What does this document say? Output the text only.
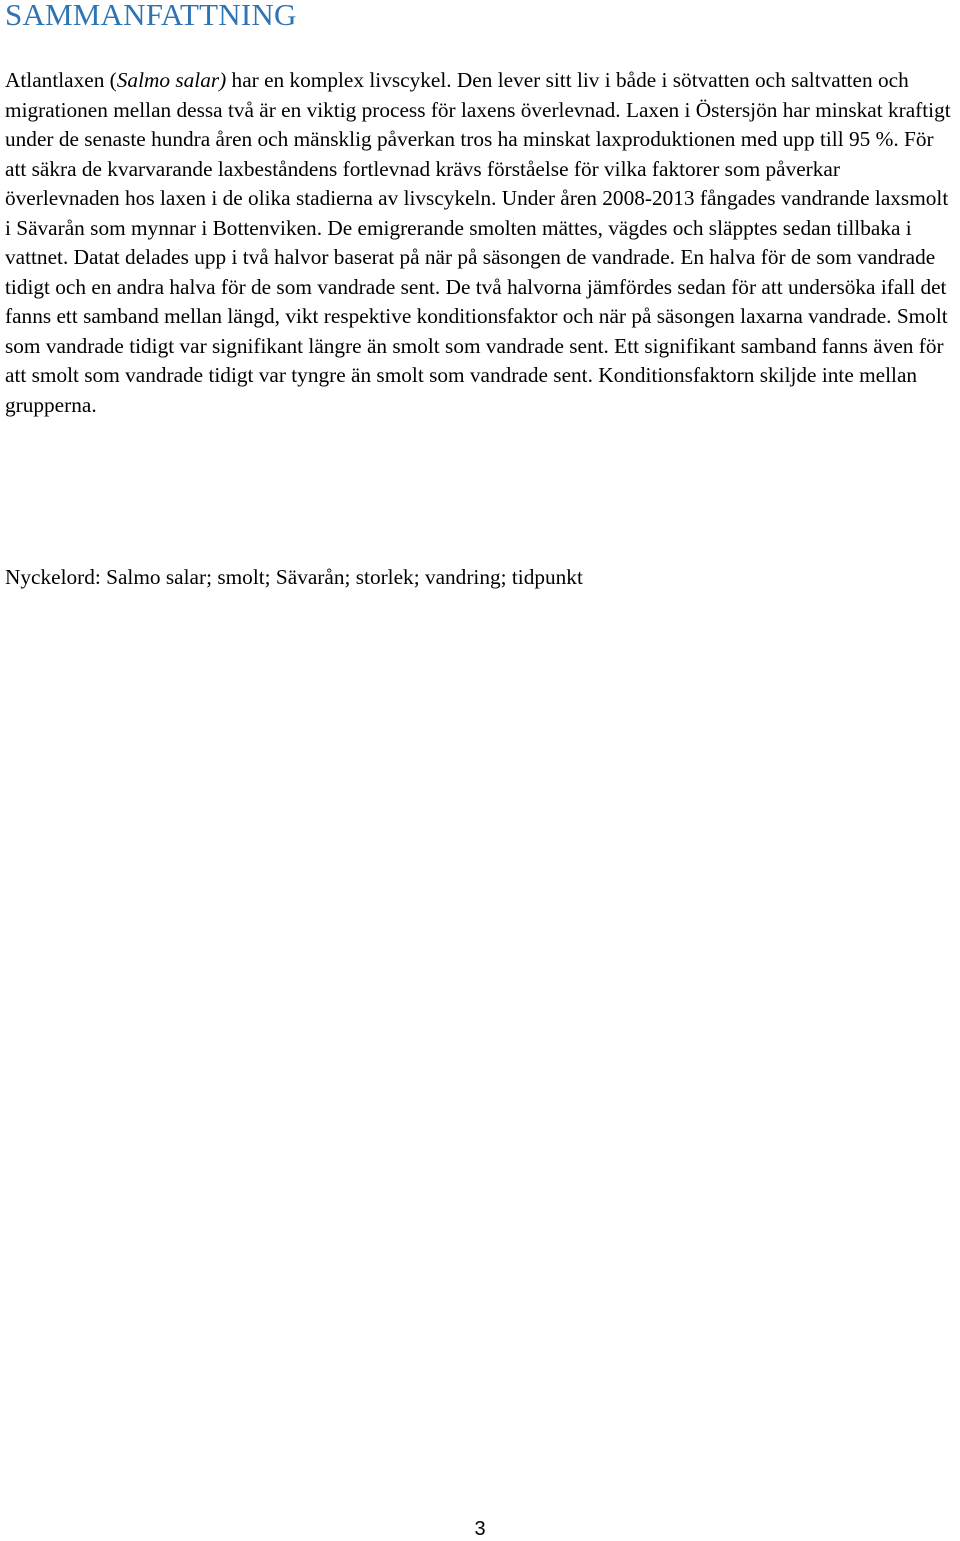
SAMMANFATTNING

Atlantlaxen (Salmo salar) har en komplex livscykel. Den lever sitt liv i både i sötvatten och saltvatten och migrationen mellan dessa två är en viktig process för laxens överlevnad. Laxen i Östersjön har minskat kraftigt under de senaste hundra åren och mänsklig påverkan tros ha minskat laxproduktionen med upp till 95 %. För att säkra de kvarvarande laxbeståndens fortlevnad krävs förståelse för vilka faktorer som påverkar överlevnaden hos laxen i de olika stadierna av livscykeln. Under åren 2008-2013 fångades vandrande laxsmolt i Sävarån som mynnar i Bottenviken. De emigrerande smolten mättes, vägdes och släpptes sedan tillbaka i vattnet. Datat delades upp i två halvor baserat på när på säsongen de vandrade. En halva för de som vandrade tidigt och en andra halva för de som vandrade sent. De två halvorna jämfördes sedan för att undersöka ifall det fanns ett samband mellan längd, vikt respektive konditionsfaktor och när på säsongen laxarna vandrade. Smolt som vandrade tidigt var signifikant längre än smolt som vandrade sent. Ett signifikant samband fanns även för att smolt som vandrade tidigt var tyngre än smolt som vandrade sent. Konditionsfaktorn skiljde inte mellan grupperna.

Nyckelord: Salmo salar; smolt; Sävarån; storlek; vandring; tidpunkt

3
